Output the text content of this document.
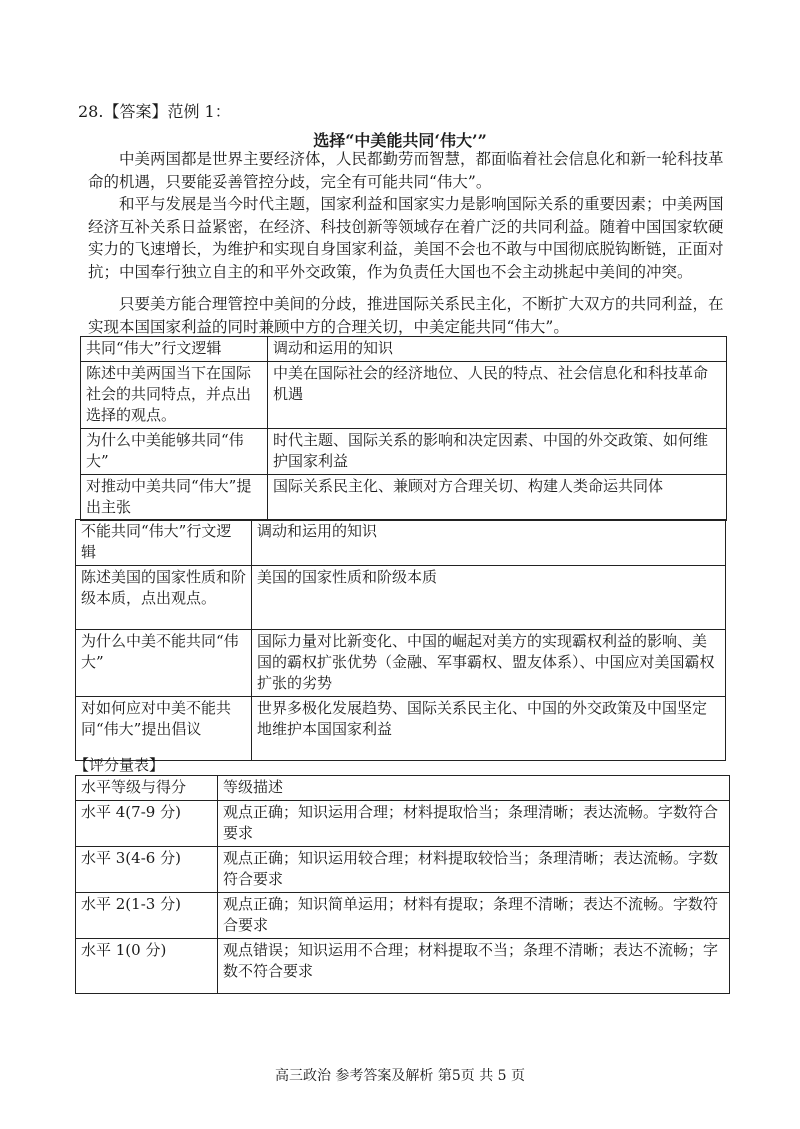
28.【答案】范例 1：
选择“中美能共同‘伟大’”
中美两国都是世界主要经济体，人民都勤劳而智慧，都面临着社会信息化和新一轮科技革命的机遇，只要能妥善管控分歧，完全有可能共同“伟大”。
和平与发展是当今时代主题，国家利益和国家实力是影响国际关系的重要因素；中美两国经济互补关系日益紧密，在经济、科技创新等领域存在着广泛的共同利益。随着中国国家软硬实力的飞速增长，为维护和实现自身国家利益，美国不会也不敢与中国彻底脱钩断链，正面对抗；中国奉行独立自主的和平外交政策，作为负责任大国也不会主动挑起中美间的冲突。
只要美方能合理管控中美间的分歧，推进国际关系民主化，不断扩大双方的共同利益，在实现本国国家利益的同时兼顾中方的合理关切，中美定能共同“伟大”。
共同“伟大”行文逻辑	调动和运用的知识
陈述中美两国当下在国际社会的共同特点，并点出选择的观点。	中美在国际社会的经济地位、人民的特点、社会信息化和科技革命机遇
为什么中美能够共同“伟大”	时代主题、国际关系的影响和决定因素、中国的外交政策、如何维护国家利益
对推动中美共同“伟大”提出主张	国际关系民主化、兼顾对方合理关切、构建人类命运共同体
不能共同“伟大”行文逻辑	调动和运用的知识
陈述美国的国家性质和阶级本质，点出观点。	美国的国家性质和阶级本质
为什么中美不能共同“伟大”	国际力量对比新变化、中国的崛起对美方的实现霸权利益的影响、美国的霸权扩张优势（金融、军事霸权、盟友体系）、中国应对美国霸权扩张的劣势
对如何应对中美不能共同“伟大”提出倡议	世界多极化发展趋势、国际关系民主化、中国的外交政策及中国坚定地维护本国国家利益
【评分量表】
水平等级与得分	等级描述
水平 4(7-9 分)	观点正确；知识运用合理；材料提取恰当；条理清晰；表达流畅。字数符合要求
水平 3(4-6 分)	观点正确；知识运用较合理；材料提取较恰当；条理清晰；表达流畅。字数符合要求
水平 2(1-3 分)	观点正确；知识简单运用；材料有提取；条理不清晰；表达不流畅。字数符合要求
水平 1(0 分)	观点错误；知识运用不合理；材料提取不当；条理不清晰；表达不流畅；字数不符合要求
高三政治 参考答案及解析 第5页 共 5 页
